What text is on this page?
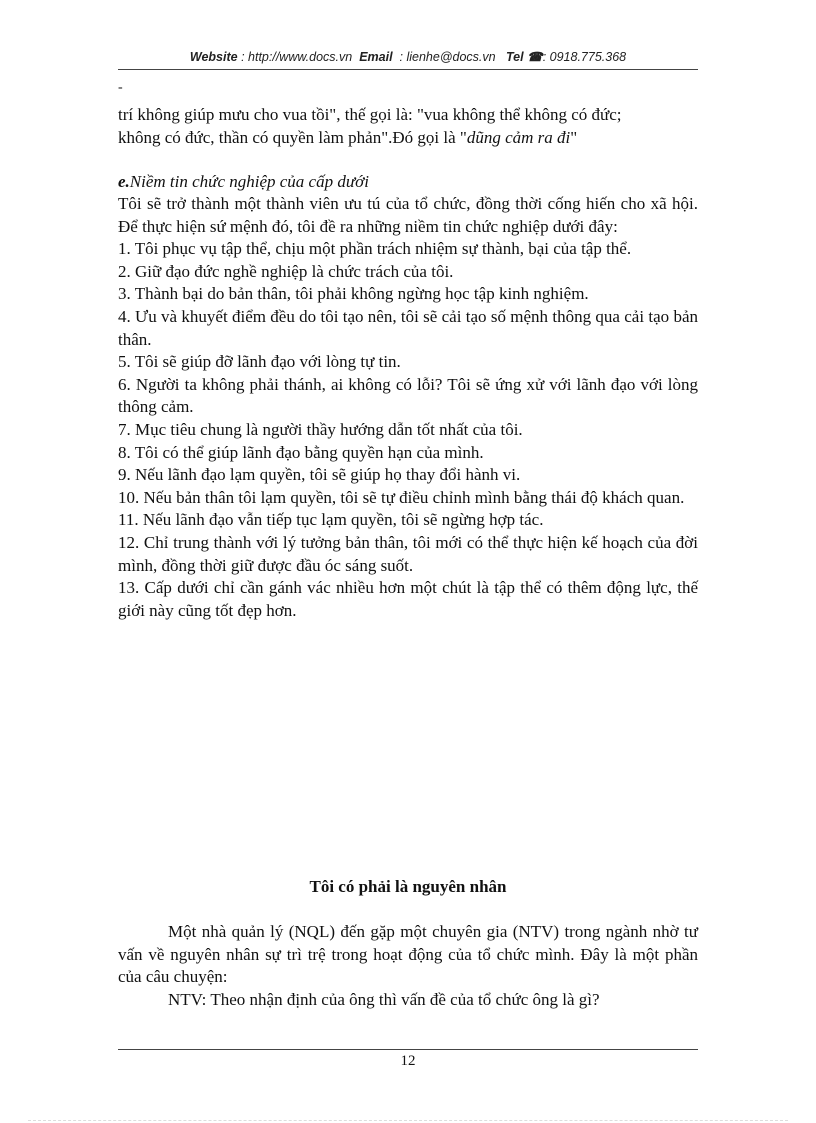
Website : http://www.docs.vn Email : lienhe@docs.vn Tel ☎: 0918.775.368
-

trí không giúp mưu cho vua tồi", thế gọi là: "vua không thể không có đức;

không có đức, thần có quyền làm phản".Đó gọi là "dũng cảm ra đi"

e.Niềm tin chức nghiệp của cấp dưới

Tôi sẽ trở thành một thành viên ưu tú của tổ chức, đồng thời cống hiến cho xã hội. Để thực hiện sứ mệnh đó, tôi đề ra những niềm tin chức nghiệp dưới đây:

1. Tôi phục vụ tập thể, chịu một phần trách nhiệm sự thành, bại của tập thể.

2. Giữ đạo đức nghề nghiệp là chức trách của tôi.

3. Thành bại do bản thân, tôi phải không ngừng học tập kinh nghiệm.

4. Ưu và khuyết điểm đều do tôi tạo nên, tôi sẽ cải tạo số mệnh thông qua cải tạo bản thân.

5. Tôi sẽ giúp đỡ lãnh đạo với lòng tự tin.

6. Người ta không phải thánh, ai không có lỗi? Tôi sẽ ứng xử với lãnh đạo với lòng thông cảm.

7. Mục tiêu chung là người thầy hướng dẫn tốt nhất của tôi.

8. Tôi có thể giúp lãnh đạo bằng quyền hạn của mình.

9. Nếu lãnh đạo lạm quyền, tôi sẽ giúp họ thay đổi hành vi.

10. Nếu bản thân tôi lạm quyền, tôi sẽ tự điều chỉnh mình bằng thái độ khách quan.

11. Nếu lãnh đạo vẫn tiếp tục lạm quyền, tôi sẽ ngừng hợp tác.

12. Chỉ trung thành với lý tưởng bản thân, tôi mới có thể thực hiện kế hoạch của đời mình, đồng thời giữ được đầu óc sáng suốt.

13. Cấp dưới chỉ cần gánh vác nhiều hơn một chút là tập thể có thêm động lực, thế giới này cũng tốt đẹp hơn.

Tôi có phải là nguyên nhân

Một nhà quản lý (NQL) đến gặp một chuyên gia (NTV) trong ngành nhờ tư vấn về nguyên nhân sự trì trệ trong hoạt động của tổ chức mình. Đây là một phần của câu chuyện:

NTV: Theo nhận định của ông thì vấn đề của tổ chức ông là gì?

12
